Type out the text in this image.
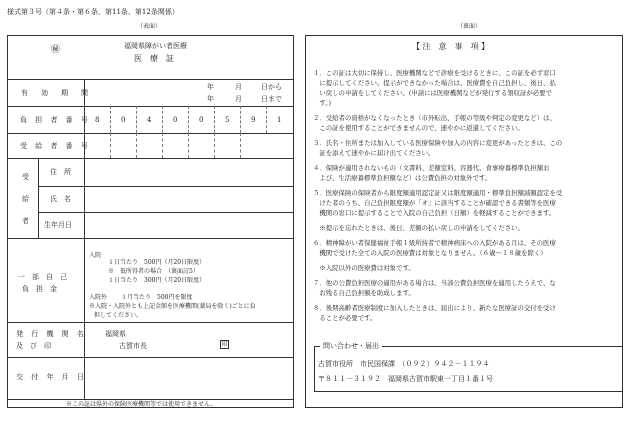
様式第３号（第４条・第６条、第11条、第12条関係）
（表面）	（裏面）
㊙	福岡県障がい者医療
医　療　証
有　効　期　間
年	月	日から
年	月	日まで
負 担 者 番 号 8	0	4	0	0	5	9	1
受 給 者 番 号
受
給
者
住　所
氏　名
生年月日
一　部　自　己
負　担　金
入院
１日当たり　500円（月20日限度）
※　低所得者の場合　（裏面註5）
１日当たり　300円（月20日限度）
入院外 １月当たり　500円を限度
※入院・入院外とも上記金額を医療機関(薬局を除く)ごとに負
担してください。
発 行 機 関 名
及　び　印
福岡県
古賀市長	印
交 付 年 月 日
※この証は県外の保険医療機関等では使用できません。
【 注　意　事　項 】
１．この証は大切に保持し、医療機関などで診療を受けるときに、この証を必ず窓口
　に提示してください。提示ができなかった場合は、医療費を自己負担し、後日、払
　い戻しの申請をしてください。(申請には医療機関などが発行する領収証が必要で
　す。)
２．受給者の資格がなくなったとき（市外転出、手帳の等級や判定の変更など）は、
　この証を使用することができませんので、速やかに返還してください。
３．氏名・住所または加入している医療保険や加入の内容に変更があったときは、この
　証を添えて速やかに届け出てください。
４．保険が適用されないもの（文書料、差額室料、容器代、食事療養標準負担額お
　よび、生活療養標準負担額など）は公費負担の対象外です。
５．医療保険の保険者から限度額適用認定証又は限度額適用・標準負担額減額認定を受
　けた者のうち、自己負担限度額が「オ」に該当することが確認できる書類等を医療
　機関の窓口に提示することで入院の自己負担（日額）を軽減することができます。
　※提示を忘れたときは、後日、差額の払い戻しの申請をしてください。
６．精神障がい者保健福祉手帳１級所持者で精神病床への入院がある月は、その医療
　機関で受けた全ての入院の医療費は対象となりません。（６歳～１８歳を除く）
　※入院以外の医療費は対象です。
７．他の公費負担医療の適用がある場合は、当該公費負担医療を適用したうえで、な
　お残る自己負担額を助成します。
８．後期高齢者医療制度に加入したときは、届出により、新たな医療証の交付を受け
　ることが必要です。
問い合わせ・届出
古賀市役所　市民国保課　（０９２）９４２－１１９４
〒８１１－３１９２　福岡県古賀市駅東一丁目１番１号
